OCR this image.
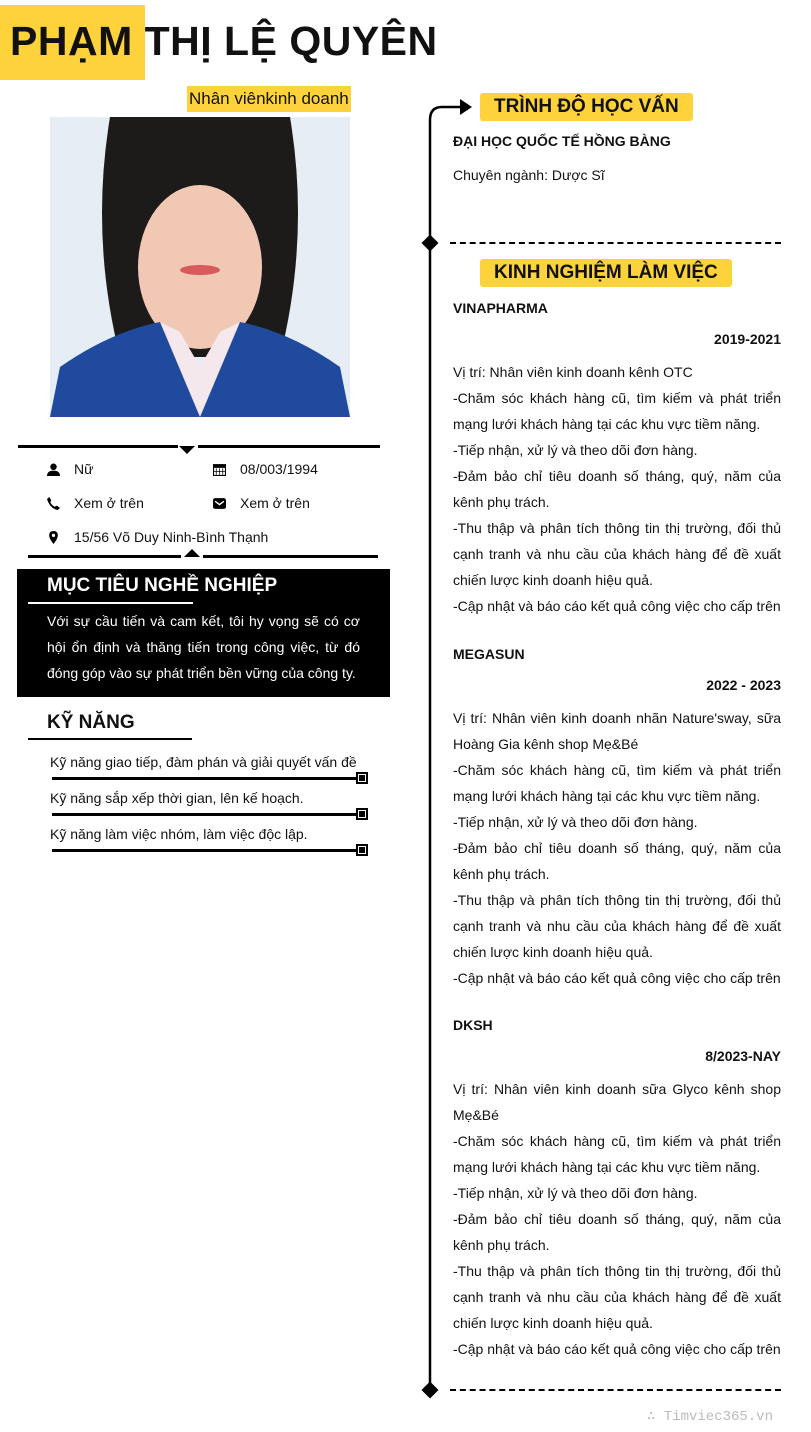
PHẠM THỊ LỆ QUYÊN
Nhân viênkinh doanh
Nữ	08/003/1994
Xem ở trên	Xem ở trên
15/56 Võ Duy Ninh-Bình Thạnh
MỤC TIÊU NGHỀ NGHIỆP

Với sự cầu tiến và cam kết, tôi hy vọng sẽ có cơ hội ổn định và thăng tiến trong công việc, từ đó đóng góp vào sự phát triển bền vững của công ty.

KỸ NĂNG
Kỹ năng giao tiếp, đàm phán và giải quyết vấn đề
Kỹ năng sắp xếp thời gian, lên kế hoạch.
Kỹ năng làm việc nhóm, làm việc độc lập.
TRÌNH ĐỘ HỌC VẤN
ĐẠI HỌC QUỐC TẾ HỒNG BÀNG
Chuyên ngành: Dược Sĩ
KINH NGHIỆM LÀM VIỆC
VINAPHARMA
2019-2021

Vị trí: Nhân viên kinh doanh kênh OTC

-Chăm sóc khách hàng cũ, tìm kiếm và phát triển mạng lưới khách hàng tại các khu vực tiềm năng.

-Tiếp nhận, xử lý và theo dõi đơn hàng.

-Đảm bảo chỉ tiêu doanh số tháng, quý, năm của kênh phụ trách.

-Thu thập và phân tích thông tin thị trường, đối thủ cạnh tranh và nhu cầu của khách hàng để đề xuất chiến lược kinh doanh hiệu quả.

-Cập nhật và báo cáo kết quả công việc cho cấp trên

MEGASUN
2022 - 2023

Vị trí: Nhân viên kinh doanh nhãn Nature'sway, sữa Hoàng Gia kênh shop Mẹ&Bé

-Chăm sóc khách hàng cũ, tìm kiếm và phát triển mạng lưới khách hàng tại các khu vực tiềm năng.

-Tiếp nhận, xử lý và theo dõi đơn hàng.

-Đảm bảo chỉ tiêu doanh số tháng, quý, năm của kênh phụ trách.

-Thu thập và phân tích thông tin thị trường, đối thủ cạnh tranh và nhu cầu của khách hàng để đề xuất chiến lược kinh doanh hiệu quả.

-Cập nhật và báo cáo kết quả công việc cho cấp trên

DKSH
8/2023-NAY

Vị trí: Nhân viên kinh doanh sữa Glyco kênh shop Mẹ&Bé

-Chăm sóc khách hàng cũ, tìm kiếm và phát triển mạng lưới khách hàng tại các khu vực tiềm năng.

-Tiếp nhận, xử lý và theo dõi đơn hàng.

-Đảm bảo chỉ tiêu doanh số tháng, quý, năm của kênh phụ trách.

-Thu thập và phân tích thông tin thị trường, đối thủ cạnh tranh và nhu cầu của khách hàng để đề xuất chiến lược kinh doanh hiệu quả.

-Cập nhật và báo cáo kết quả công việc cho cấp trên

∴ Timviec365.vn
